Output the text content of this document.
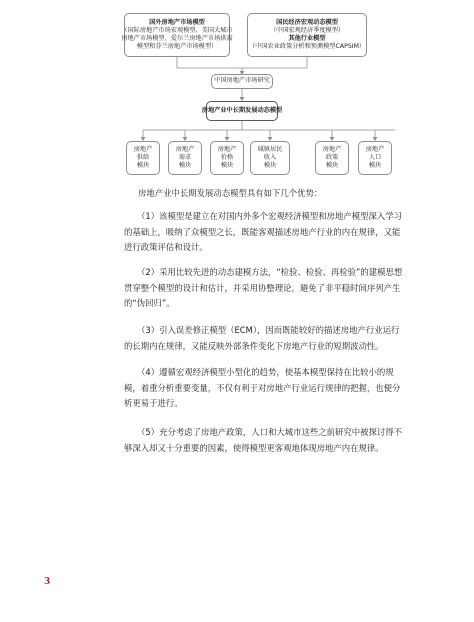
国外房地产市场模型
（国际房地产市场宏观模型、美国大城市
房地产市场模型、爱尔兰房地产市场供需
模型和芬兰房地产市场模型）
国民经济宏观动态模型
（中国宏观经济季度模型）
其他行业模型
（中国农业政策分析和预测模型CAPSIM）
中国房地产市场研究
房地产业中长期发展动态模型
房地产
供给
模块
房地产
需求
模块
房地产
价格
模块
城镇居民
收入
模块
房地产
政策
模块
房地产
人口
模块

房地产业中长期发展动态模型具有如下几个优势：

（1）该模型是建立在对国内外多个宏观经济模型和房地产模型深入学习的基础上，吸纳了众模型之长，既能客观描述房地产行业的内在规律，又能进行政策评估和设计。

（2）采用比较先进的动态建模方法，“检验、检验、再检验”的建模思想贯穿整个模型的设计和估计，并采用协整理论，避免了非平稳时间序列产生的“伪回归”。

（3）引入误差修正模型（ECM），因而既能较好的描述房地产行业运行的长期内在规律，又能反映外部条件变化下房地产行业的短期波动性。

（4）遵循宏观经济模型小型化的趋势，使基本模型保持在比较小的规模，着重分析重要变量，不仅有利于对房地产行业运行规律的把握，也便分析更易于进行。

（5）充分考虑了房地产政策，人口和大城市这些之前研究中被探讨得不够深入却又十分重要的因素，使得模型更客观地体现房地产内在规律。

3
